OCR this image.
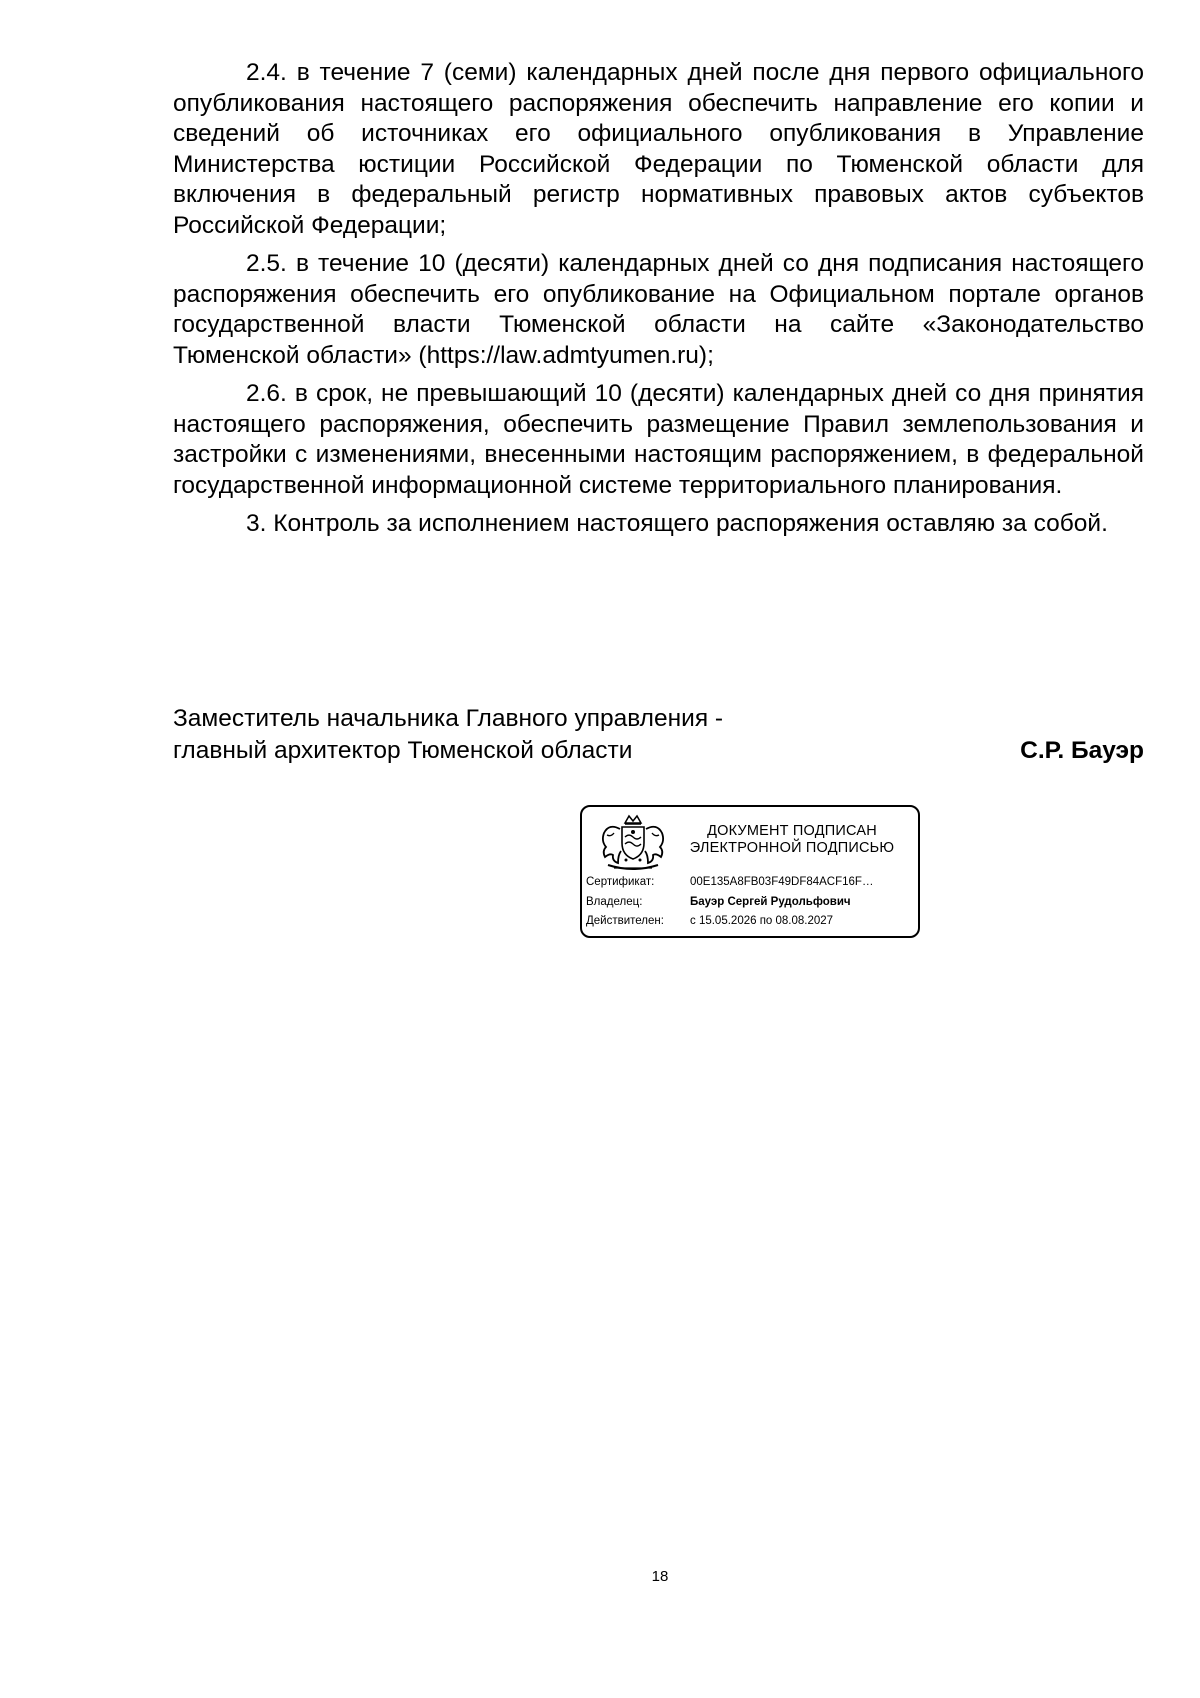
2.4. в течение 7 (семи) календарных дней после дня первого официального опубликования настоящего распоряжения обеспечить направление его копии и сведений об источниках его официального опубликования в Управление Министерства юстиции Российской Федерации по Тюменской области для включения в федеральный регистр нормативных правовых актов субъектов Российской Федерации;

2.5. в течение 10 (десяти) календарных дней со дня подписания настоящего распоряжения обеспечить его опубликование на Официальном портале органов государственной власти Тюменской области на сайте «Законодательство Тюменской области» (https://law.admtyumen.ru);

2.6. в срок, не превышающий 10 (десяти) календарных дней со дня принятия настоящего распоряжения, обеспечить размещение Правил землепользования и застройки с изменениями, внесенными настоящим распоряжением, в федеральной государственной информационной системе территориального планирования.

3. Контроль за исполнением настоящего распоряжения оставляю за собой.

Заместитель начальника Главного управления -
главный архитектор Тюменской области	С.Р. Бауэр
ДОКУМЕНТ ПОДПИСАН
ЭЛЕКТРОННОЙ ПОДПИСЬЮ
Сертификат:	00E135A8FB03F49DF84ACF16F…
Владелец:	Бауэр Сергей Рудольфович
Действителен: с 15.05.2026 по 08.08.2027
18
